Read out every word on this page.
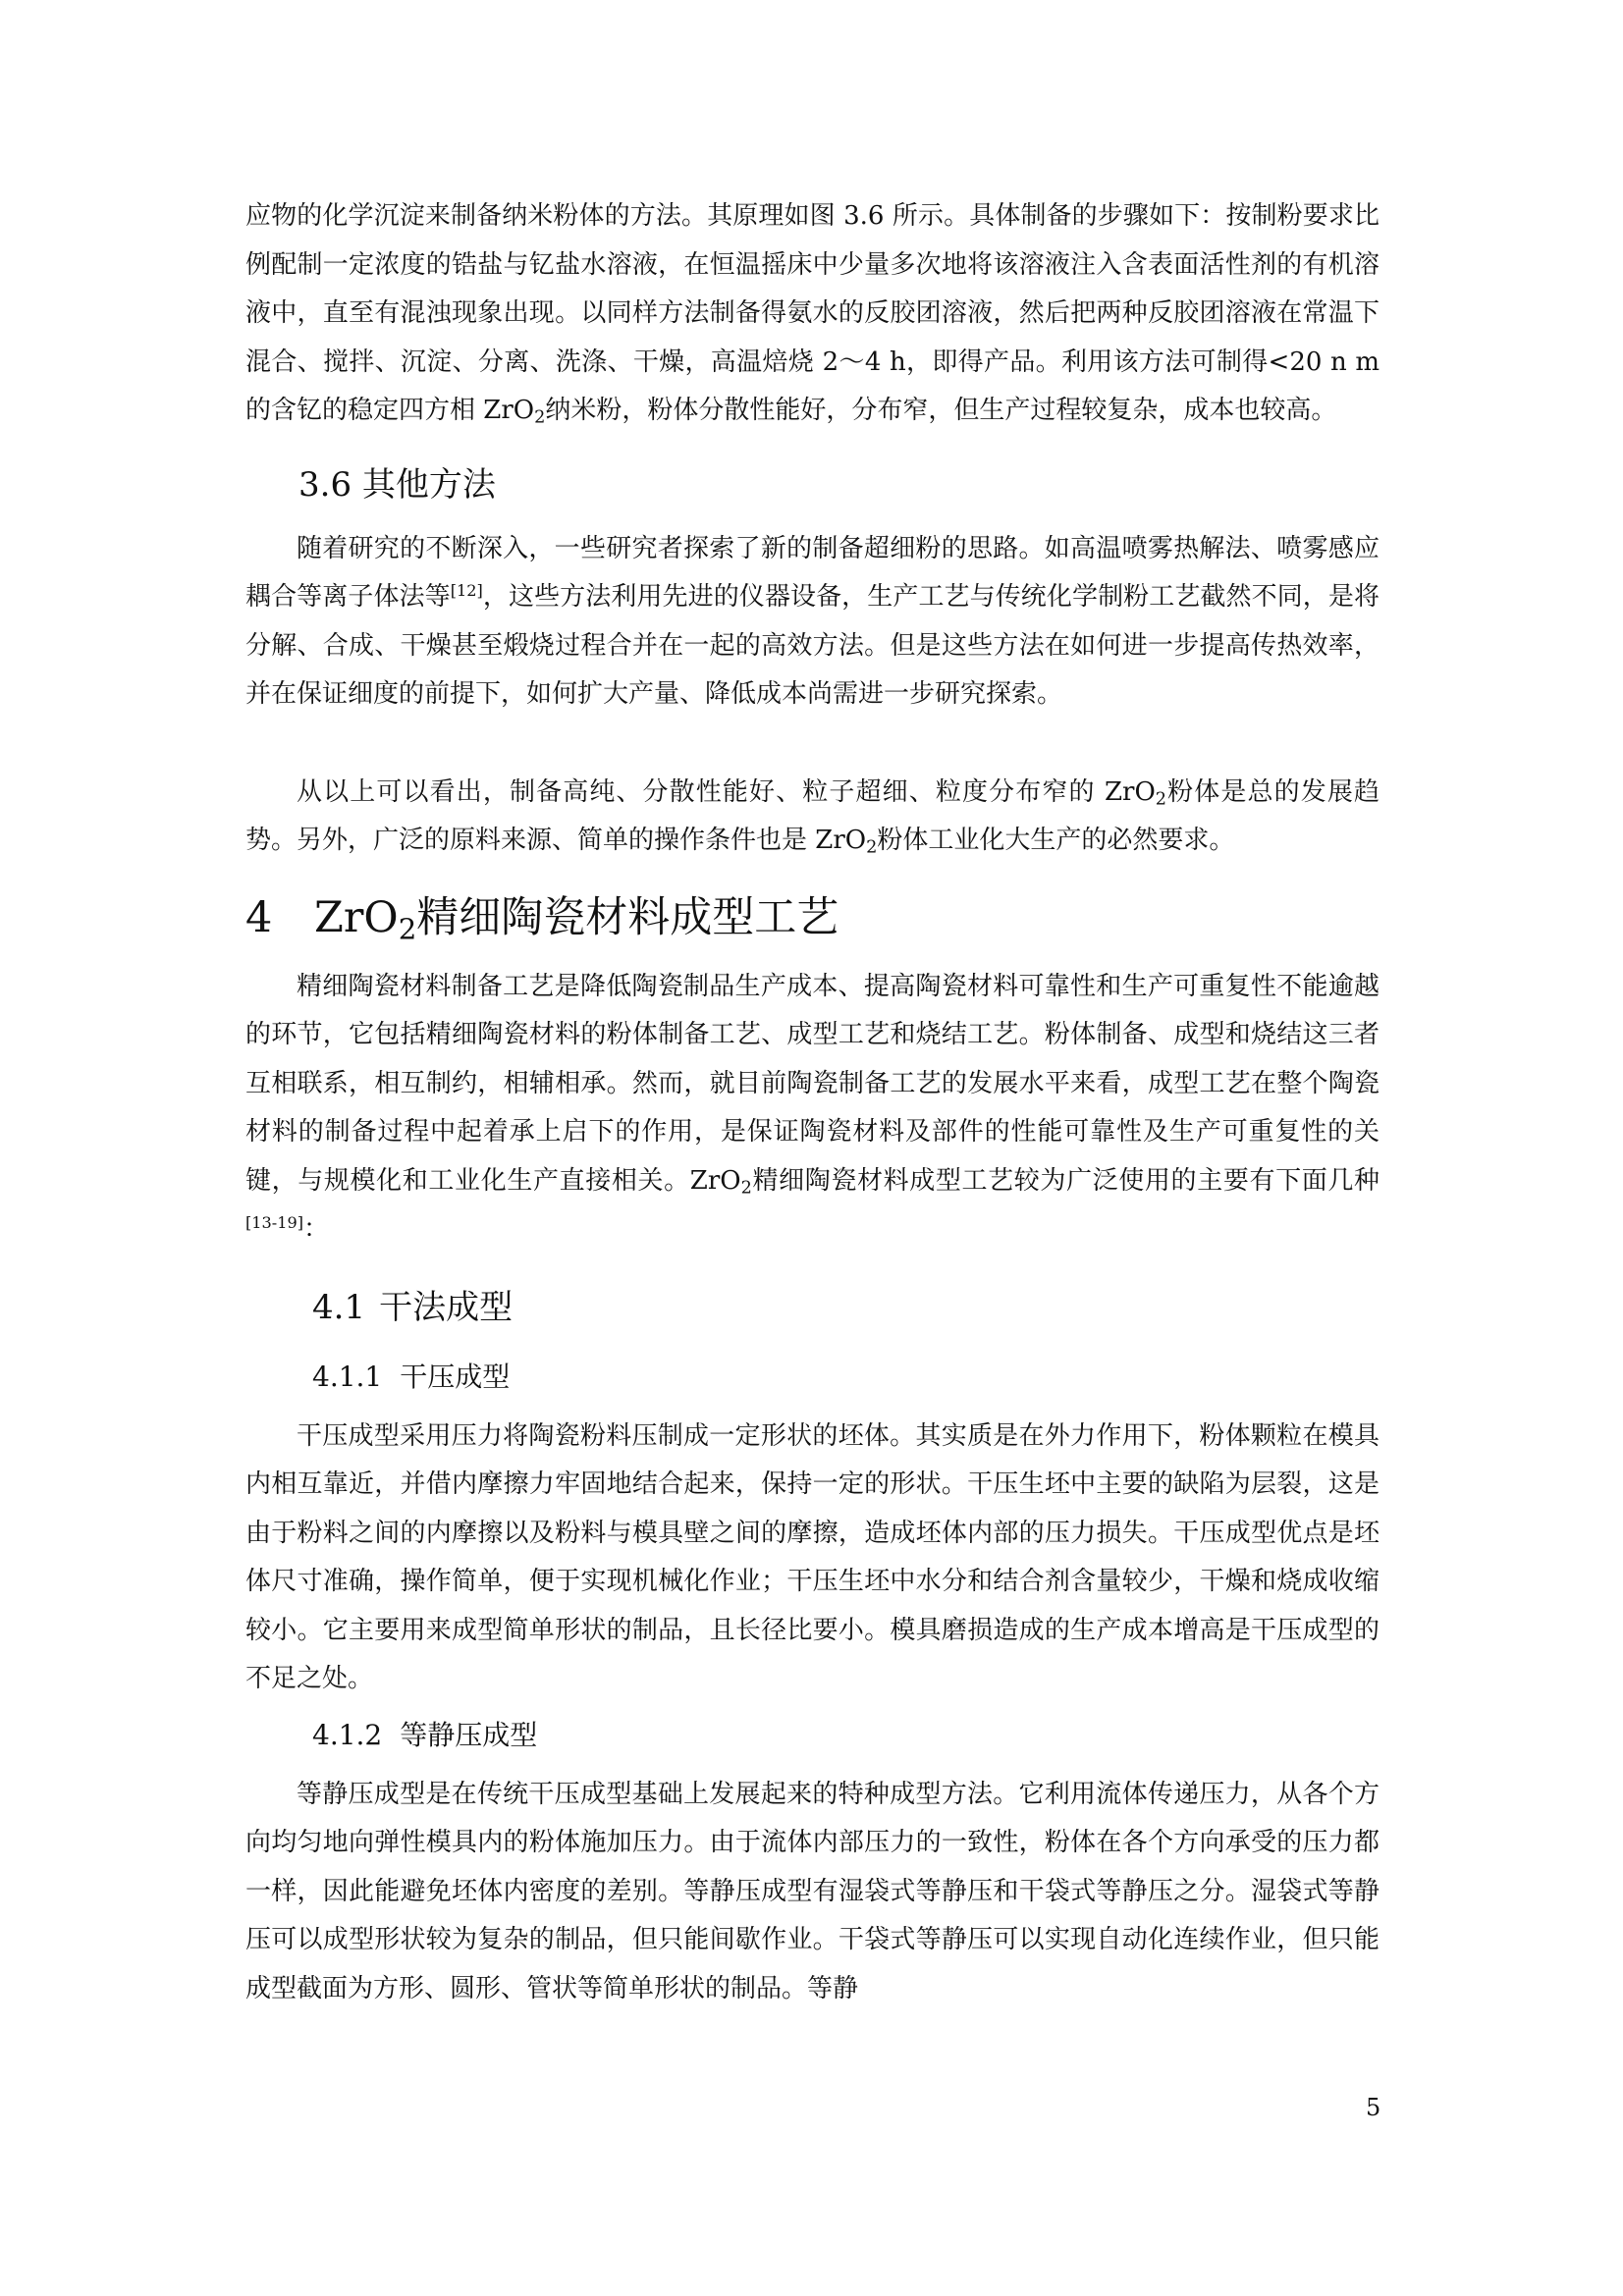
应物的化学沉淀来制备纳米粉体的方法。其原理如图 3.6 所示。具体制备的步骤如下：按制粉要求比例配制一定浓度的锆盐与钇盐水溶液，在恒温摇床中少量多次地将该溶液注入含表面活性剂的有机溶液中，直至有混浊现象出现。以同样方法制备得氨水的反胶团溶液，然后把两种反胶团溶液在常温下混合、搅拌、沉淀、分离、洗涤、干燥，高温焙烧 2～4 h，即得产品。利用该方法可制得<20 n m的含钇的稳定四方相 ZrO$_2$纳米粉，粉体分散性能好，分布窄，但生产过程较复杂，成本也较高。

3.6 其他方法

随着研究的不断深入，一些研究者探索了新的制备超细粉的思路。如高温喷雾热解法、喷雾感应耦合等离子体法等[12]，这些方法利用先进的仪器设备，生产工艺与传统化学制粉工艺截然不同，是将分解、合成、干燥甚至煅烧过程合并在一起的高效方法。但是这些方法在如何进一步提高传热效率，并在保证细度的前提下，如何扩大产量、降低成本尚需进一步研究探索。

从以上可以看出，制备高纯、分散性能好、粒子超细、粒度分布窄的 ZrO$_2$粉体是总的发展趋势。另外，广泛的原料来源、简单的操作条件也是 ZrO$_2$粉体工业化大生产的必然要求。

4 ZrO$_2$精细陶瓷材料成型工艺

精细陶瓷材料制备工艺是降低陶瓷制品生产成本、提高陶瓷材料可靠性和生产可重复性不能逾越的环节，它包括精细陶瓷材料的粉体制备工艺、成型工艺和烧结工艺。粉体制备、成型和烧结这三者互相联系，相互制约，相辅相承。然而，就目前陶瓷制备工艺的发展水平来看，成型工艺在整个陶瓷材料的制备过程中起着承上启下的作用，是保证陶瓷材料及部件的性能可靠性及生产可重复性的关键，与规模化和工业化生产直接相关。ZrO$_2$精细陶瓷材料成型工艺较为广泛使用的主要有下面几种[13-19]：

4.1 干法成型
4.1.1 干压成型

干压成型采用压力将陶瓷粉料压制成一定形状的坯体。其实质是在外力作用下，粉体颗粒在模具内相互靠近，并借内摩擦力牢固地结合起来，保持一定的形状。干压生坯中主要的缺陷为层裂，这是由于粉料之间的内摩擦以及粉料与模具壁之间的摩擦，造成坯体内部的压力损失。干压成型优点是坯体尺寸准确，操作简单，便于实现机械化作业；干压生坯中水分和结合剂含量较少，干燥和烧成收缩较小。它主要用来成型简单形状的制品，且长径比要小。模具磨损造成的生产成本增高是干压成型的不足之处。

4.1.2 等静压成型

等静压成型是在传统干压成型基础上发展起来的特种成型方法。它利用流体传递压力，从各个方向均匀地向弹性模具内的粉体施加压力。由于流体内部压力的一致性，粉体在各个方向承受的压力都一样，因此能避免坯体内密度的差别。等静压成型有湿袋式等静压和干袋式等静压之分。湿袋式等静压可以成型形状较为复杂的制品，但只能间歇作业。干袋式等静压可以实现自动化连续作业，但只能成型截面为方形、圆形、管状等简单形状的制品。等静

5
